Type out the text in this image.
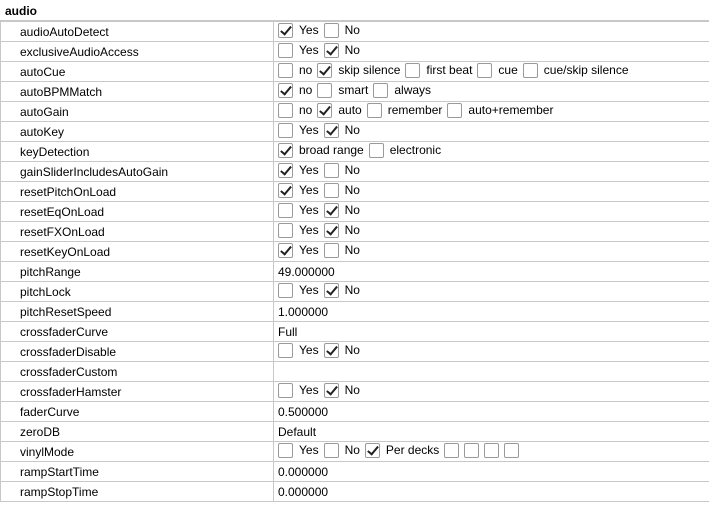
audio
audioAutoDetect	Yes No

exclusiveAudioAccess	Yes No

autoCue	no skip silence first beat cue cue/skip silence

autoBPMMatch	no smart always

autoGain	no auto remember auto+remember

autoKey	Yes No

keyDetection	broad range electronic

gainSliderIncludesAutoGain	Yes No

resetPitchOnLoad	Yes No

resetEqOnLoad	Yes No

resetFXOnLoad	Yes No

resetKeyOnLoad	Yes No

pitchRange	49.000000
pitchLock	Yes No

pitchResetSpeed	1.000000
crossfaderCurve	Full
crossfaderDisable	Yes No

crossfaderCustom	
crossfaderHamster	Yes No

faderCurve	0.500000
zeroDB	Default
vinylMode	Yes No Per decks

rampStartTime	0.000000
rampStopTime	0.000000
